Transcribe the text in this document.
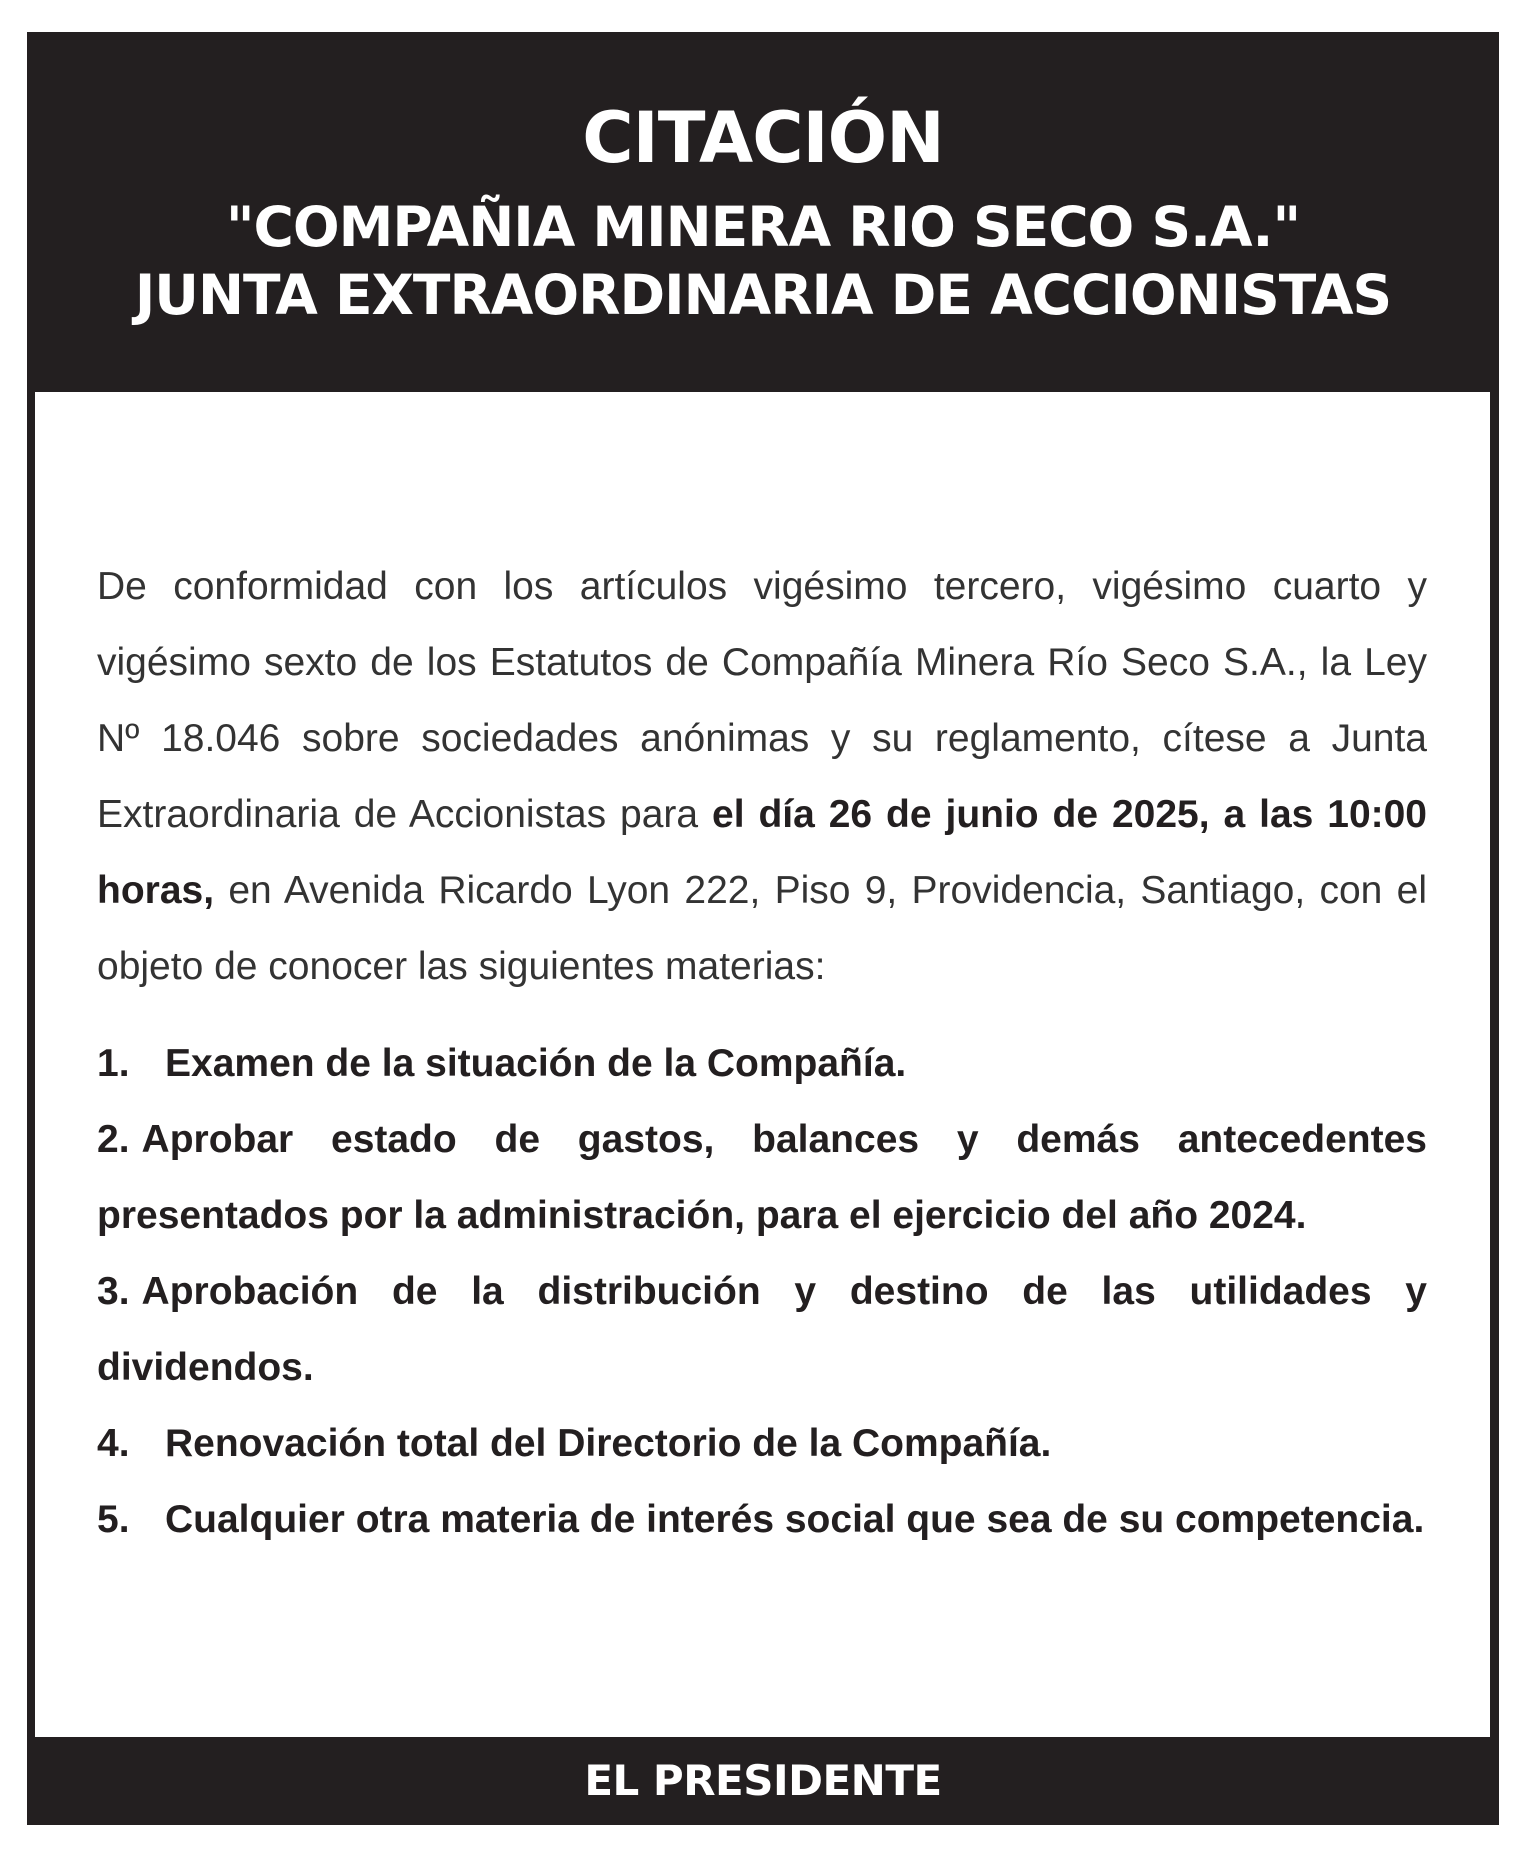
CITACIÓN
"COMPAÑIA MINERA RIO SECO S.A."
JUNTA EXTRAORDINARIA DE ACCIONISTAS

De conformidad con los artículos vigésimo tercero, vigésimo cuarto y vigésimo sexto de los Estatutos de Compañía Minera Río Seco S.A., la Ley Nº 18.046 sobre sociedades anónimas y su reglamento, cítese a Junta Extraordinaria de Accionistas para el día 26 de junio de 2025, a las 10:00 horas, en Avenida Ricardo Lyon 222, Piso 9, Providencia, Santiago, con el objeto de conocer las siguientes materias:

1. Examen de la situación de la Compañía.
2. Aprobar estado de gastos, balances y demás antecedentes presentados por la administración, para el ejercicio del año 2024.
3. Aprobación de la distribución y destino de las utilidades y dividendos.
4. Renovación total del Directorio de la Compañía.
5. Cualquier otra materia de interés social que sea de su competencia.
EL PRESIDENTE
